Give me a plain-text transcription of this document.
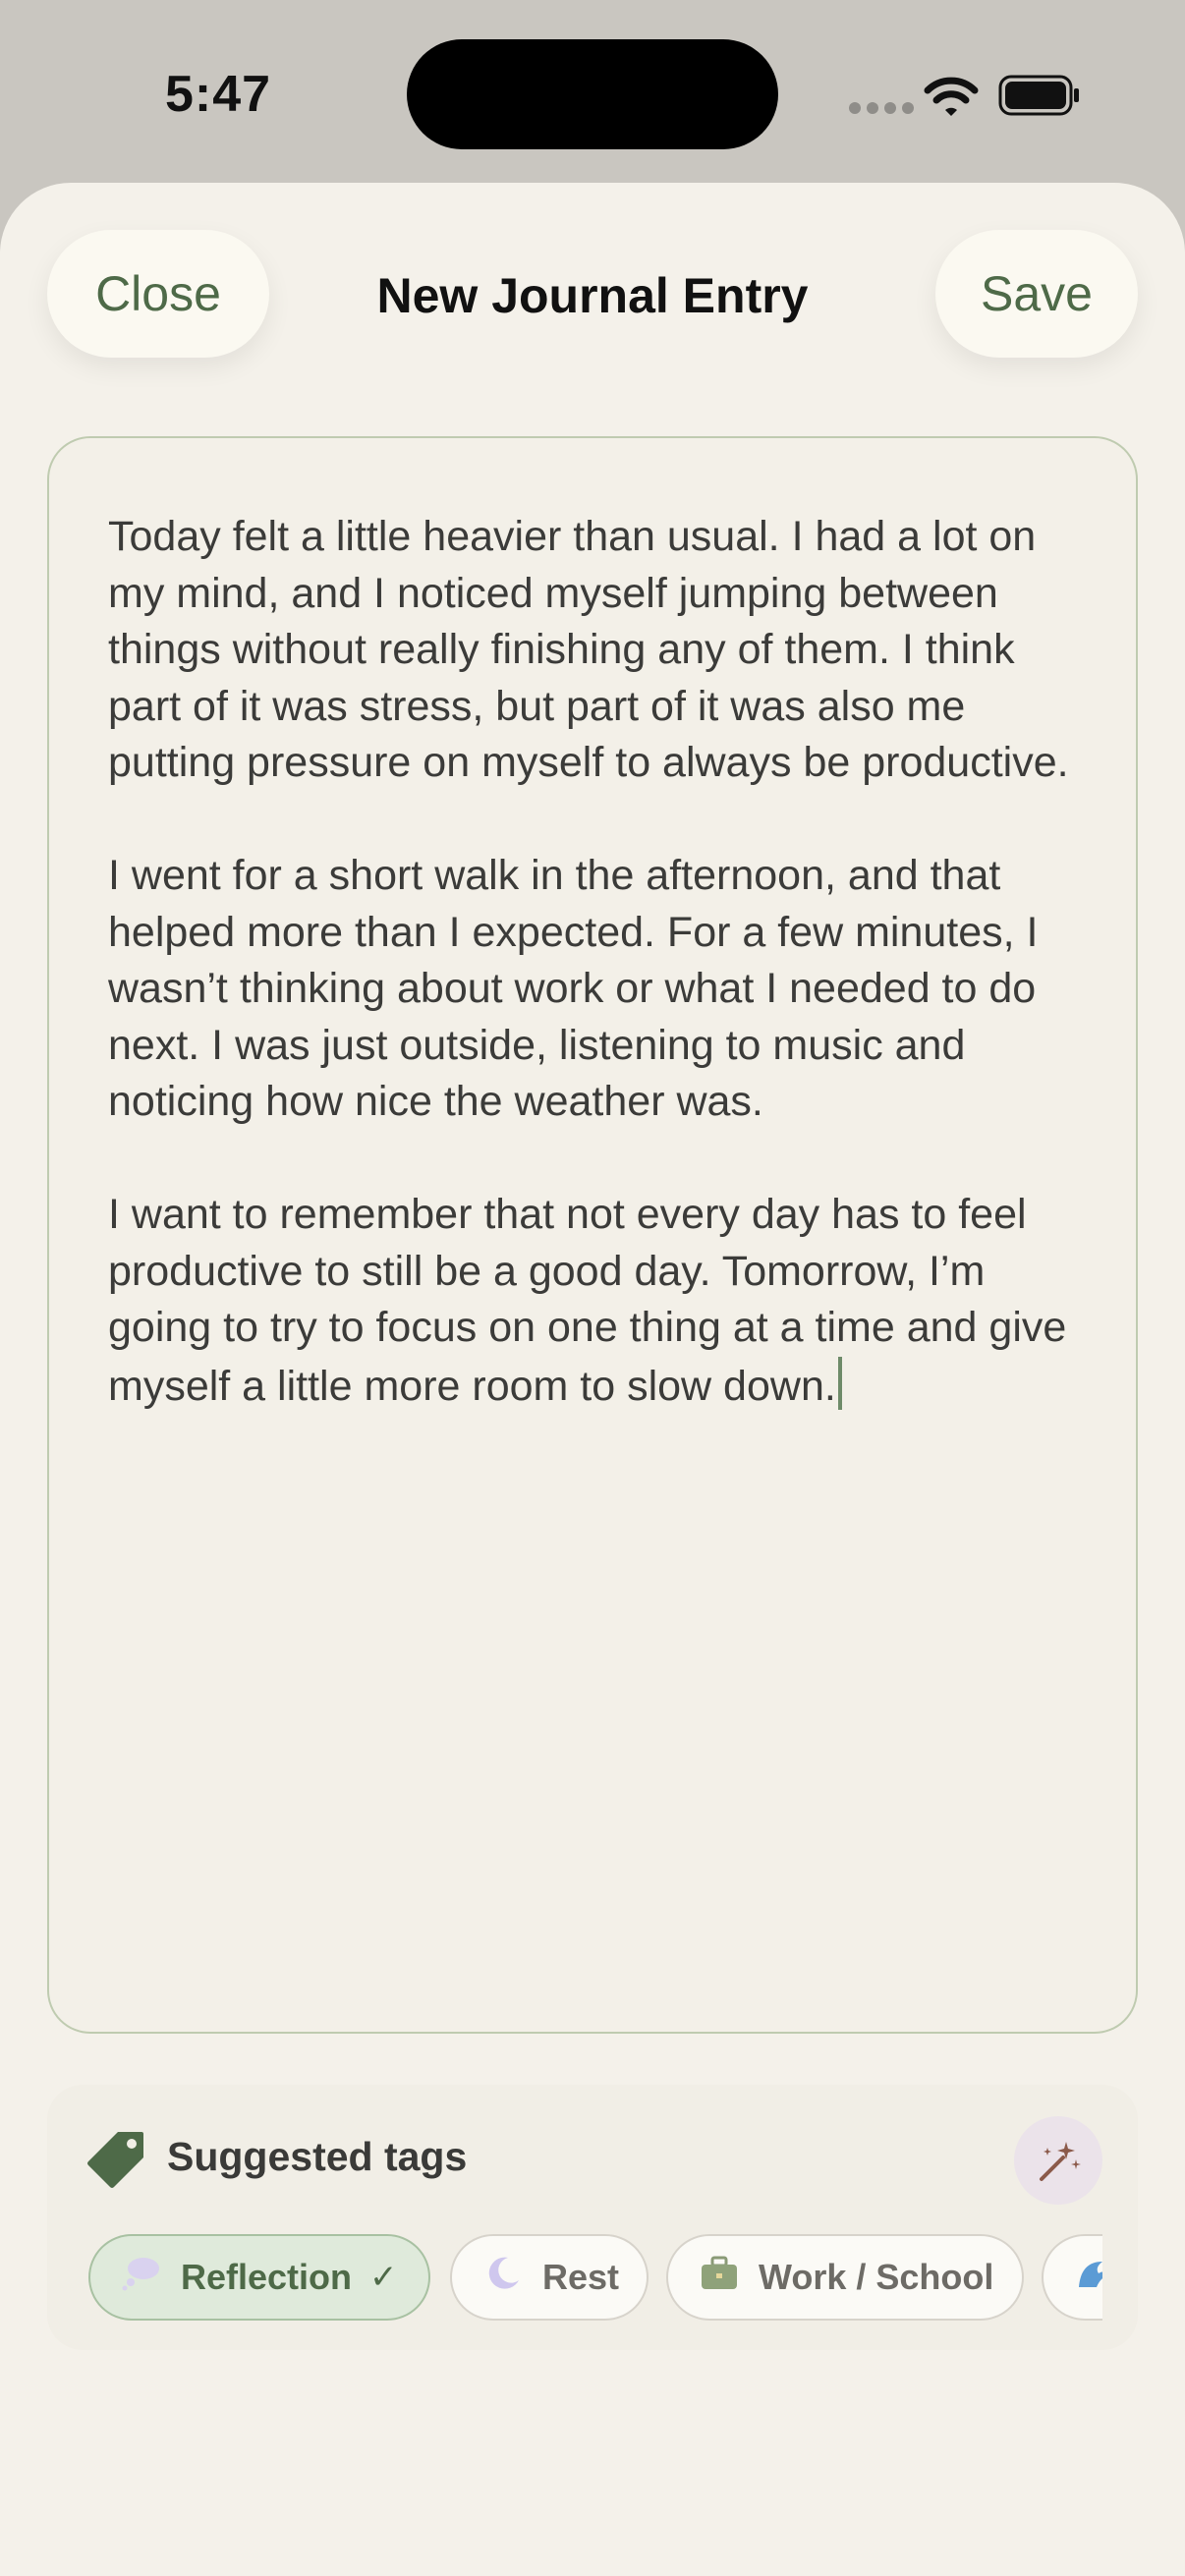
5:47
Close	New Journal Entry	Save

Today felt a little heavier than usual. I had a lot on my mind, and I noticed myself jumping between things without really finishing any of them. I think part of it was stress, but part of it was also me putting pressure on myself to always be productive.

I went for a short walk in the afternoon, and that helped more than I expected. For a few minutes, I wasn’t thinking about work or what I needed to do next. I was just outside, listening to music and noticing how nice the weather was.

I want to remember that not every day has to feel productive to still be a good day. Tomorrow, I’m going to try to focus on one thing at a time and give myself a little more room to slow down.

Suggested tags
Reflection ✓	Rest	Work / School
